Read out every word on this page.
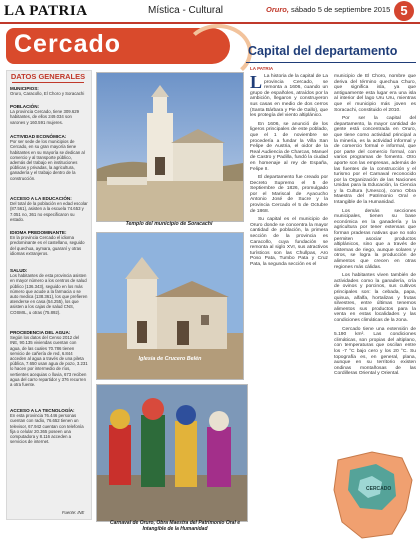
LA PATRIA	Mística - Cultural	Oruro, sábado 5 de septiembre 2015 5
Cercado	Capital del departamento
LA PATRIA
DATOS GENERALES
MUNICIPIOS:
Oruro, Caracollo, El Choro y Soracachi
POBLACIÓN:
La provincia Cercado, tiene 309.629 habitantes, de ellos 249.034 son varones y 160.591 mujeres.
ACTIVIDAD ECONÓMICA:
Por ser sede de los municipios de Cercado, en su gran mayoría tiene habitantes en su mayoría se dedican al comercio y al transporte público, además del trabajo en instituciones públicas y privadas, la agricultura, ganadería y el trabajo dentro de la construcción.
ACCESO A LA EDUCACIÓN:
Del total de la población en edad escolar (87.561), asisten a la escuela 74.653 y 7.051 no, 361 no especificaron su estado.
IDIOMA PREDOMINANTE:
En la provincia Cercado el idioma predominante es el castellano, seguido del quechua, aymara, guaraní y otras idiomas extranjeros.
SALUD:
Los habitantes de esta provincia asisten en mayor número a los centros de salud público (136.343), seguido en los más número que acude a la farmacia o se auto medica (138.361), los que prefieren atenderse en casa (54.255), los que asisten a los cajas de salud CNS, COSMIL, u otras (75.892).
PROCEDENCIA DEL AGUA:
Según los datos del Censo 2012 del INE, 90.135 viviendas cuentan con agua, de las cuales 70.786 tienen servicio de cañería de red, 6.844 acceden al agua a través de una pileta pública, 7.650 usan agua de pozo, 3.231 lo hacen por intermedio de ríos, vertientes acequias o lluvia, 673 reciben agua del carro repartidor y 376 recurren a otra fuente.
ACCESO A LA TECNOLOGÍA:
En esta provincia 76.446 personas cuentan con radio, 76.652 tienen un televisor, 67.942 cuentan con telefonía fija o celular 20.365 poseen una computadora y 8.116 acceden a servicios de internet.
Fuente: INE
Templo del municipio de Soracachi
Iglesia de Crucero Belén
Carnaval de Oruro, Obra Maestra del Patrimonio Oral e Intangible de la Humanidad

L La historia de la capital de La provincia Cercado, se remonta a 1606, cuando un grupo de españoles, atraídos por la ambición, llegaron y construyeron sus casas en medio de dos cerros (Santa Bárbara y Pie de Gallo), que les protegía del viento altiplánico.

En 1606, se anunció de los ligeros principales de este poblado, que el 1 de noviembre se procedería a fundar la Villa San Felipe de Austria, el oidor de la Real Audiencia de Charcas, Manuel de Castro y Padilla, fundó la ciudad en homenaje al rey de España, Felipe II.

El departamento fue creado por Decreto Supremo el 5 de Septiembre de 1826, promulgado por el Mariscal de Ayacucho Antonio José de Sucre y la provincia Cercado el 5 de Octubre de 1868.

Su capital es el municipio de Oruro donde se concentra la mayor cantidad de población, la primera sección de la provincia es Caracollo, cuya fundación se remonta al siglo XVI, sus atractivos turísticos son las Chullpas, Aro Poso Pata, Tumbo Pata y Cruz Pata, la segunda sección es el

municipio de El Choro, nombre que deriva del término quechua Churo, que significa isla, ya que antiguamente esta lugar era una isla al interior del lago Uru Uru, mientras que el municipio más joven es Soracachi, constituido el 2010.

Por ser la capital del departamento, la mayor cantidad de gente está concentrada en Oruro, que tiene como actividad principal a la minería, es la actividad informal y de comercio formal e informal, que por parte del comercio formal, con varios programas de fomento. Otro aporte son las empresas, además de las fuentes de la construcción y el turismo por el Carnaval reconocido por la Organización de las Naciones Unidas para la Educación, la Ciencia y la Cultura (Unesco), como Obra Maestra del Patrimonio Oral e Intangible de la Humanidad.

Los demás secciones municipales, tienen su base económica en la ganadería y la agricultura por tener extensas que forman praderas nativas que no solo permiten asociar productos altiplánicos, sino que a través de sistemas de riego, aunque solares y otros, se logra la producción de alimentos que crecen en otras regiones más cálidas.

Los habitantes viven también de actividades como la ganadería, cría de ovinos y porcinos, sus cultivos principales son: la cebada, papa, quinua, alfalfa, hortalizas y frutas silvestres, entre últimas tenemos alimentos sus productos para la venta en estas localidades y las condiciones climáticas de la zona.

Cercado tiene una extensión de 5.190 km². Las condiciones climáticas, son propias del altiplano, con temperaturas que oscilan entre los -7 °C bajo cero y los 20 °C. Su topografía es, en general, plana, aunque en su territorio existen ondinas montañosas de las Cordilleras Oriental y Oriental.

CERCADO
